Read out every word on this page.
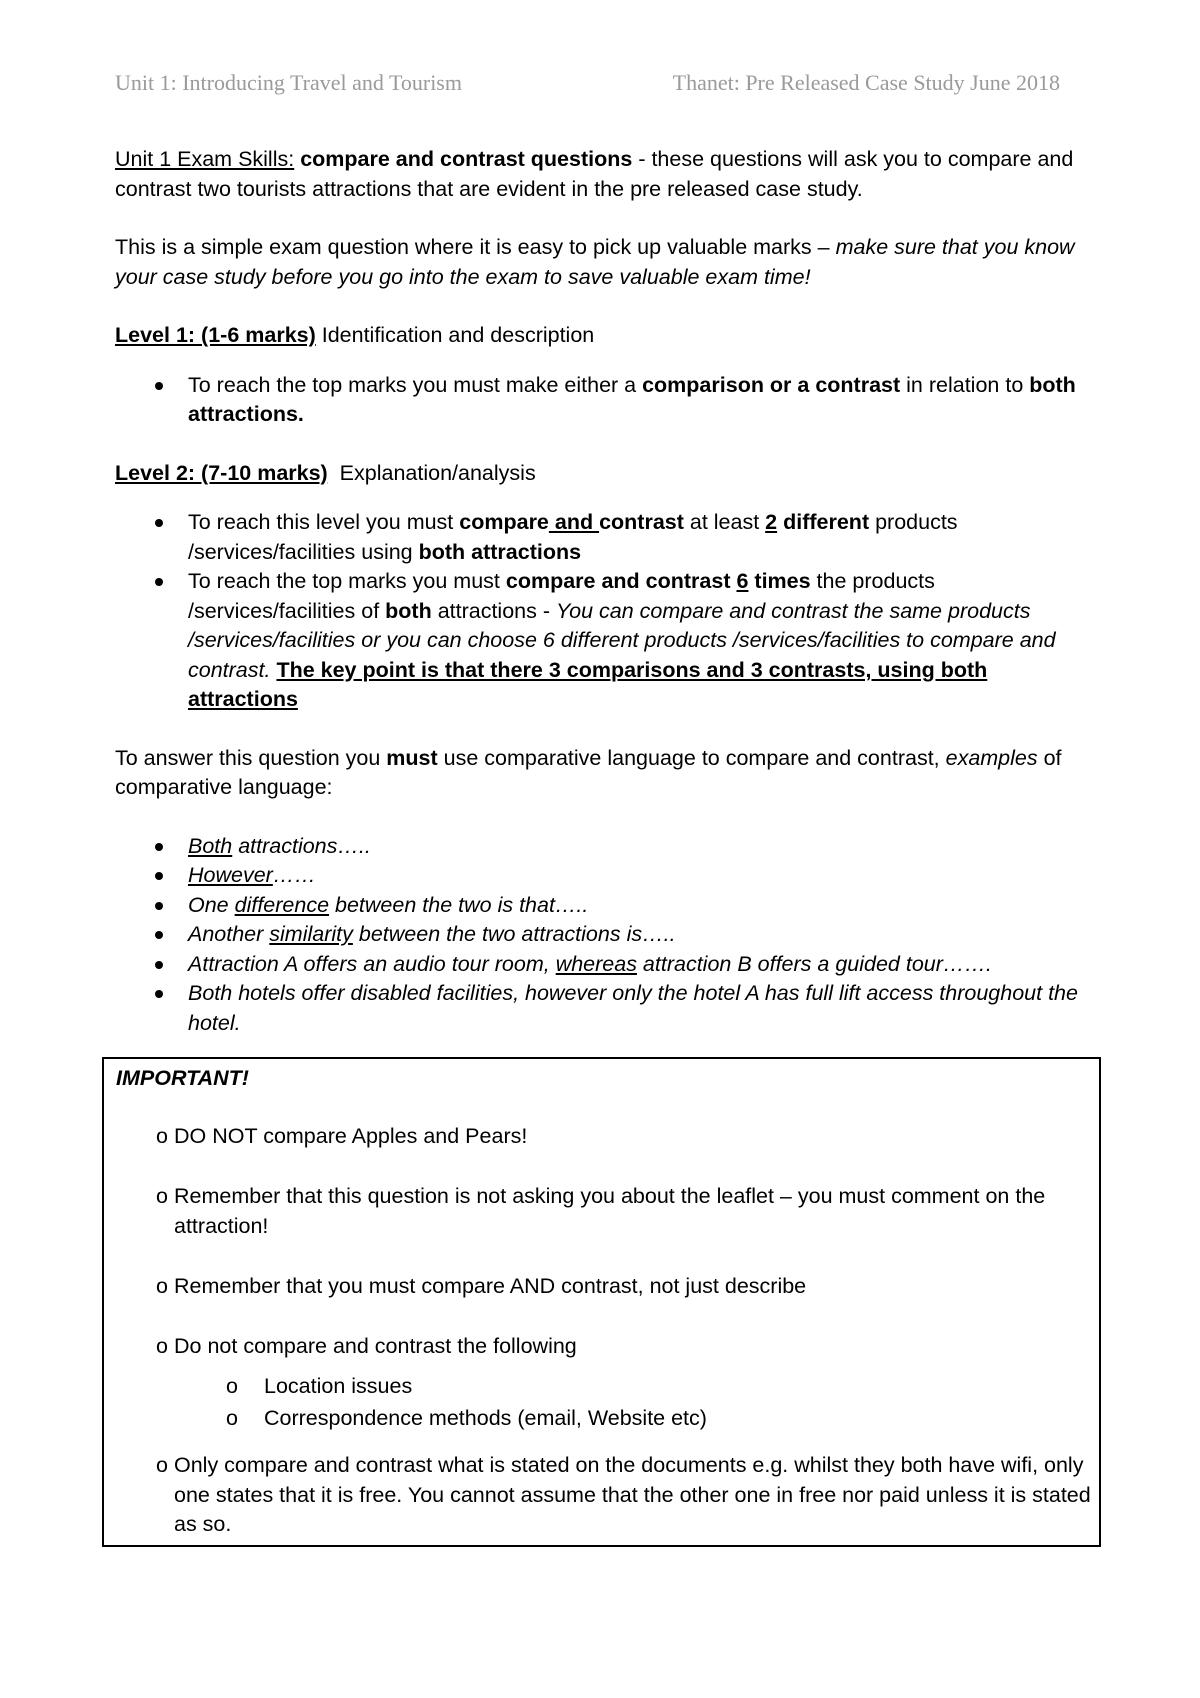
Unit 1: Introducing Travel and Tourism	Thanet: Pre Released Case Study June 2018

Unit 1 Exam Skills: compare and contrast questions - these questions will ask you to compare and contrast two tourists attractions that are evident in the pre released case study.

This is a simple exam question where it is easy to pick up valuable marks – make sure that you know your case study before you go into the exam to save valuable exam time!

Level 1: (1-6 marks) Identification and description

To reach the top marks you must make either a comparison or a contrast in relation to both attractions.

Level 2: (7-10 marks)  Explanation/analysis

To reach this level you must compare and contrast at least 2 different products /services/facilities using both attractions
To reach the top marks you must compare and contrast 6 times the products /services/facilities of both attractions - You can compare and contrast the same products /services/facilities or you can choose 6 different products /services/facilities to compare and contrast. The key point is that there 3 comparisons and 3 contrasts, using both attractions

To answer this question you must use comparative language to compare and contrast, examples of comparative language:

Both attractions…..
However……
One difference between the two is that…..
Another similarity between the two attractions is…..
Attraction A offers an audio tour room, whereas attraction B offers a guided tour…….
Both hotels offer disabled facilities, however only the hotel A has full lift access throughout the hotel.
IMPORTANT!
o DO NOT compare Apples and Pears!
o Remember that this question is not asking you about the leaflet – you must comment on the attraction!
o Remember that you must compare AND contrast, not just describe
o Do not compare and contrast the following
o Location issues
o Correspondence methods (email, Website etc)
o Only compare and contrast what is stated on the documents e.g. whilst they both have wifi, only one states that it is free. You cannot assume that the other one in free nor paid unless it is stated as so.
